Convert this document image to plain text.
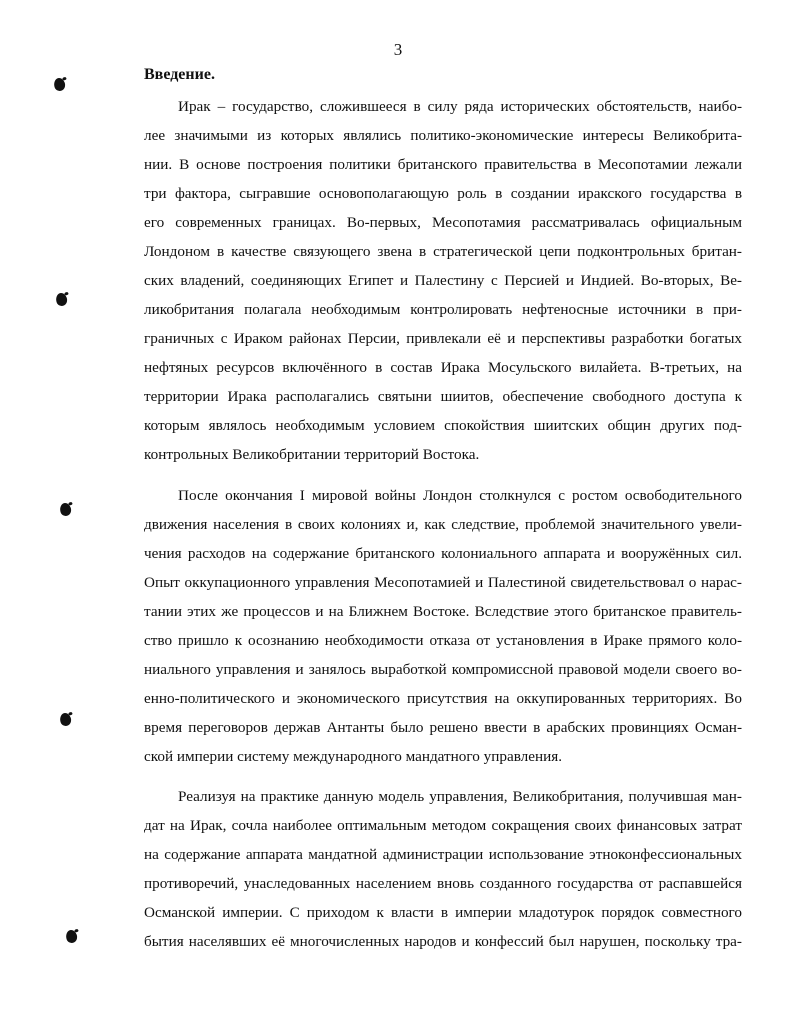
3
Введение.

Ирак – государство, сложившееся в силу ряда исторических обстоятельств, наибо-

лее значимыми из которых являлись политико-экономические интересы Великобрита-

нии. В основе построения политики британского правительства в Месопотамии лежали

три фактора, сыгравшие основополагающую роль в создании иракского государства в

его современных границах. Во-первых, Месопотамия рассматривалась официальным

Лондоном в качестве связующего звена в стратегической цепи подконтрольных британ-

ских владений, соединяющих Египет и Палестину с Персией и Индией. Во-вторых, Ве-

ликобритания полагала необходимым контролировать нефтеносные источники в при-

граничных с Ираком районах Персии, привлекали её и перспективы разработки богатых

нефтяных ресурсов включённого в состав Ирака Мосульского вилайета. В-третьих, на

территории Ирака располагались святыни шиитов, обеспечение свободного доступа к

которым являлось необходимым условием спокойствия шиитских общин других под-

контрольных Великобритании территорий Востока.

После окончания I мировой войны Лондон столкнулся с ростом освободительного

движения населения в своих колониях и, как следствие, проблемой значительного увели-

чения расходов на содержание британского колониального аппарата и вооружённых сил.

Опыт оккупационного управления Месопотамией и Палестиной свидетельствовал о нарас-

тании этих же процессов и на Ближнем Востоке. Вследствие этого британское правитель-

ство пришло к осознанию необходимости отказа от установления в Ираке прямого коло-

ниального управления и занялось выработкой компромиссной правовой модели своего во-

енно-политического и экономического присутствия на оккупированных территориях. Во

время переговоров держав Антанты было решено ввести в арабских провинциях Осман-

ской империи систему международного мандатного управления.

Реализуя на практике данную модель управления, Великобритания, получившая ман-

дат на Ирак, сочла наиболее оптимальным методом сокращения своих финансовых затрат

на содержание аппарата мандатной администрации использование этноконфессиональных

противоречий, унаследованных населением вновь созданного государства от распавшейся

Османской империи. С приходом к власти в империи младотурок порядок совместного

бытия населявших её многочисленных народов и конфессий был нарушен, поскольку тра-
